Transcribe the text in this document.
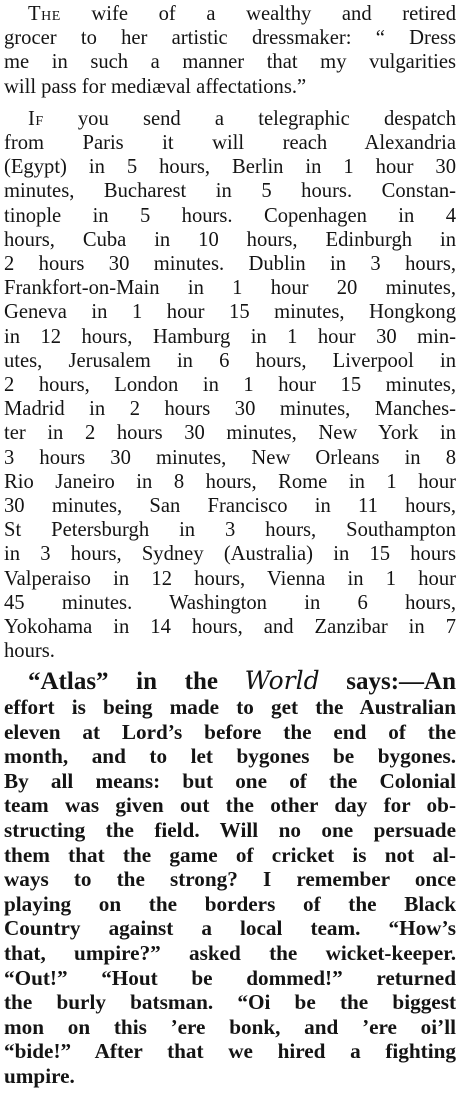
The wife of a wealthy and retired
grocer to her artistic dressmaker: “ Dress
me in such a manner that my vulgarities
will pass for mediæval affectations.”
If you send a telegraphic despatch
from Paris it will reach Alexandria
(Egypt) in 5 hours, Berlin in 1 hour 30
minutes, Bucharest in 5 hours. Constan-
tinople in 5 hours. Copenhagen in 4
hours, Cuba in 10 hours, Edinburgh in
2 hours 30 minutes. Dublin in 3 hours,
Frankfort-on-Main in 1 hour 20 minutes,
Geneva in 1 hour 15 minutes, Hongkong
in 12 hours, Hamburg in 1 hour 30 min-
utes, Jerusalem in 6 hours, Liverpool in
2 hours, London in 1 hour 15 minutes,
Madrid in 2 hours 30 minutes, Manches-
ter in 2 hours 30 minutes, New York in
3 hours 30 minutes, New Orleans in 8
Rio Janeiro in 8 hours, Rome in 1 hour
30 minutes, San Francisco in 11 hours,
St Petersburgh in 3 hours, Southampton
in 3 hours, Sydney (Australia) in 15 hours
Valperaiso in 12 hours, Vienna in 1 hour
45 minutes. Washington in 6 hours,
Yokohama in 14 hours, and Zanzibar in 7
hours.
“Atlas” in the World says:—An
effort is being made to get the Australian
eleven at Lord’s before the end of the
month, and to let bygones be bygones.
By all means: but one of the Colonial
team was given out the other day for ob-
structing the field. Will no one persuade
them that the game of cricket is not al-
ways to the strong? I remember once
playing on the borders of the Black
Country against a local team. “How’s
that, umpire?” asked the wicket-keeper.
“Out!” “Hout be dommed!” returned
the burly batsman. “Oi be the biggest
mon on this ’ere bonk, and ’ere oi’ll
“bide!” After that we hired a fighting
umpire.
